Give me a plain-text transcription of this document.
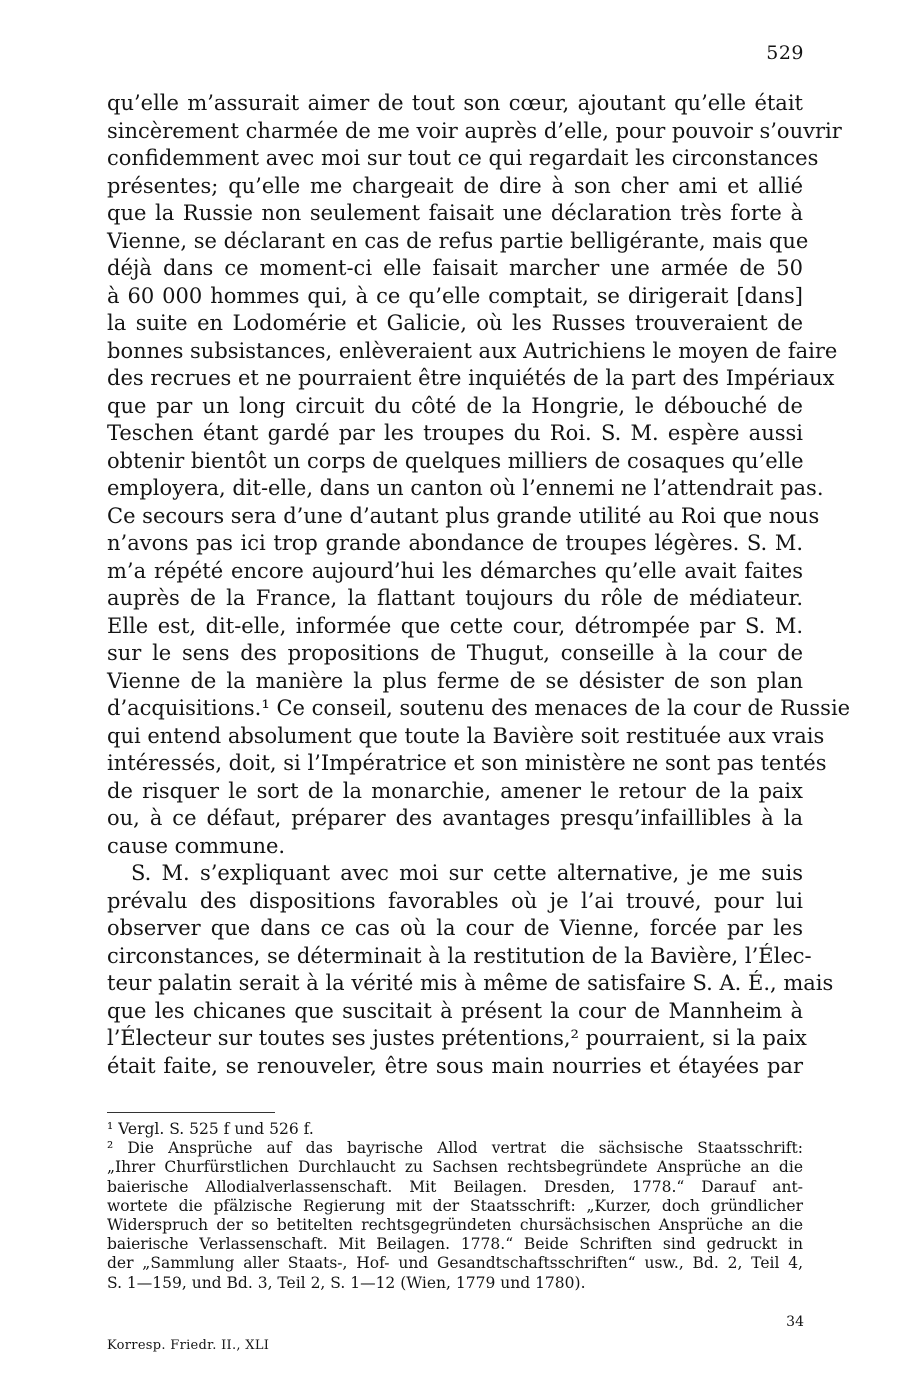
529
qu’elle m’assurait aimer de tout son cœur, ajoutant qu’elle était
sincèrement charmée de me voir auprès d’elle, pour pouvoir s’ouvrir
confidemment avec moi sur tout ce qui regardait les circonstances
présentes; qu’elle me chargeait de dire à son cher ami et allié
que la Russie non seulement faisait une déclaration très forte à
Vienne, se déclarant en cas de refus partie belligérante, mais que
déjà dans ce moment-ci elle faisait marcher une armée de 50
à 60 000 hommes qui, à ce qu’elle comptait, se dirigerait [dans]
la suite en Lodomérie et Galicie, où les Russes trouveraient de
bonnes subsistances, enlèveraient aux Autrichiens le moyen de faire
des recrues et ne pourraient être inquiétés de la part des Impériaux
que par un long circuit du côté de la Hongrie, le débouché de
Teschen étant gardé par les troupes du Roi. S. M. espère aussi
obtenir bientôt un corps de quelques milliers de cosaques qu’elle
employera, dit-elle, dans un canton où l’ennemi ne l’attendrait pas.
Ce secours sera d’une d’autant plus grande utilité au Roi que nous
n’avons pas ici trop grande abondance de troupes légères. S. M.
m’a répété encore aujourd’hui les démarches qu’elle avait faites
auprès de la France, la flattant toujours du rôle de médiateur.
Elle est, dit-elle, informée que cette cour, détrompée par S. M.
sur le sens des propositions de Thugut, conseille à la cour de
Vienne de la manière la plus ferme de se désister de son plan
d’acquisitions.¹ Ce conseil, soutenu des menaces de la cour de Russie
qui entend absolument que toute la Bavière soit restituée aux vrais
intéressés, doit, si l’Impératrice et son ministère ne sont pas tentés
de risquer le sort de la monarchie, amener le retour de la paix
ou, à ce défaut, préparer des avantages presqu’infaillibles à la
cause commune.
S. M. s’expliquant avec moi sur cette alternative, je me suis
prévalu des dispositions favorables où je l’ai trouvé, pour lui
observer que dans ce cas où la cour de Vienne, forcée par les
circonstances, se déterminait à la restitution de la Bavière, l’Élec-
teur palatin serait à la vérité mis à même de satisfaire S. A. É., mais
que les chicanes que suscitait à présent la cour de Mannheim à
l’Électeur sur toutes ses justes prétentions,² pourraient, si la paix
était faite, se renouveler, être sous main nourries et étayées par
¹ Vergl. S. 525 f und 526 f.
² Die Ansprüche auf das bayrische Allod vertrat die sächsische Staatsschrift:
„Ihrer Churfürstlichen Durchlaucht zu Sachsen rechtsbegründete Ansprüche an die
baierische Allodialverlassenschaft. Mit Beilagen. Dresden, 1778.“ Darauf ant-
wortete die pfälzische Regierung mit der Staatsschrift: „Kurzer, doch gründlicher
Widerspruch der so betitelten rechtsgegründeten chursächsischen Ansprüche an die
baierische Verlassenschaft. Mit Beilagen. 1778.“ Beide Schriften sind gedruckt in
der „Sammlung aller Staats-, Hof- und Gesandtschaftsschriften“ usw., Bd. 2, Teil 4,
S. 1—159, und Bd. 3, Teil 2, S. 1—12 (Wien, 1779 und 1780).
34
Korresp. Friedr. II., XLI
